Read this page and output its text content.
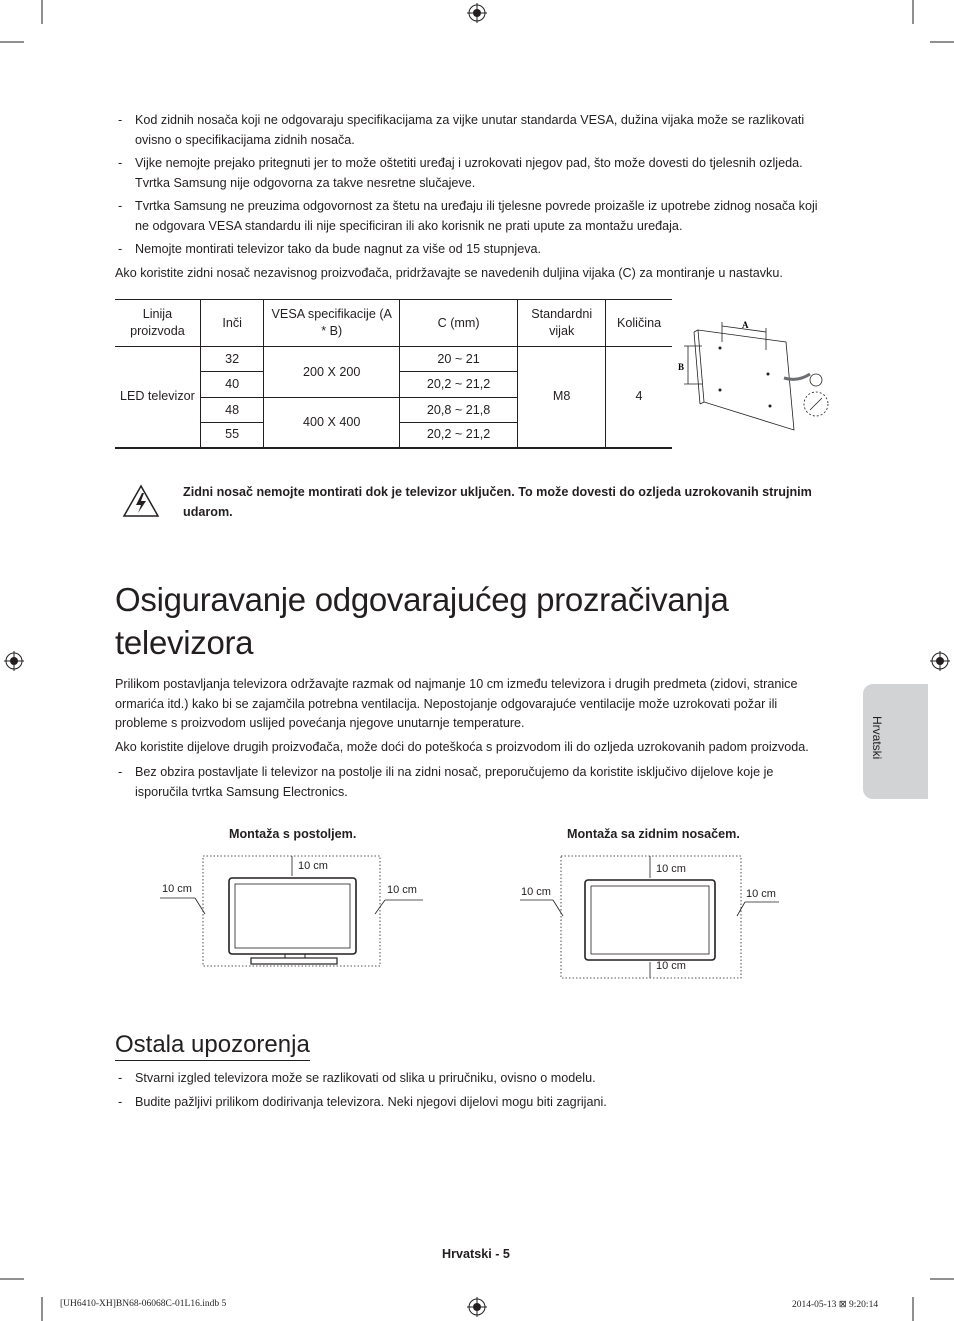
- Kod zidnih nosača koji ne odgovaraju specifikacijama za vijke unutar standarda VESA, dužina vijaka može se razlikovati ovisno o specifikacijama zidnih nosača.
- Vijke nemojte prejako pritegnuti jer to može oštetiti uređaj i uzrokovati njegov pad, što može dovesti do tjelesnih ozljeda. Tvrtka Samsung nije odgovorna za takve nesretne slučajeve.
- Tvrtka Samsung ne preuzima odgovornost za štetu na uređaju ili tjelesne povrede proizašle iz upotrebe zidnog nosača koji ne odgovara VESA standardu ili nije specificiran ili ako korisnik ne prati upute za montažu uređaja.
- Nemojte montirati televizor tako da bude nagnut za više od 15 stupnjeva.
Ako koristite zidni nosač nezavisnog proizvođača, pridržavajte se navedenih duljina vijaka (C) za montiranje u nastavku.
Linija proizvoda	Inči	VESA specifikacije (A * B)	C (mm)	Standardni vijak	Količina
LED televizor	32	200 X 200	20 ~ 21	M8	4
	40		20,2 ~ 21,2		
	48	400 X 400	20,8 ~ 21,8		
	55		20,2 ~ 21,2		
A
B
Zidni nosač nemojte montirati dok je televizor uključen. To može dovesti do ozljeda uzrokovanih strujnim udarom.
Osiguravanje odgovarajućeg prozračivanja televizora
Prilikom postavljanja televizora održavajte razmak od najmanje 10 cm između televizora i drugih predmeta (zidovi, stranice ormarića itd.) kako bi se zajamčila potrebna ventilacija. Nepostojanje odgovarajuće ventilacije može uzrokovati požar ili probleme s proizvodom uslijed povećanja njegove unutarnje temperature.
Ako koristite dijelove drugih proizvođača, može doći do poteškoća s proizvodom ili do ozljeda uzrokovanih padom proizvoda.
- Bez obzira postavljate li televizor na postolje ili na zidni nosač, preporučujemo da koristite isključivo dijelove koje je isporučila tvrtka Samsung Electronics.
Hrvatski
Montaža s postoljem.
10 cm
10 cm	10 cm
Montaža sa zidnim nosačem.
10 cm
10 cm	10 cm
10 cm
Ostala upozorenja
- Stvarni izgled televizora može se razlikovati od slika u priručniku, ovisno o modelu.
- Budite pažljivi prilikom dodirivanja televizora. Neki njegovi dijelovi mogu biti zagrijani.
Hrvatski - 5
[UH6410-XH]BN68-06068C-01L16.indb 5	2014-05-13 ⊠ 9:20:14
